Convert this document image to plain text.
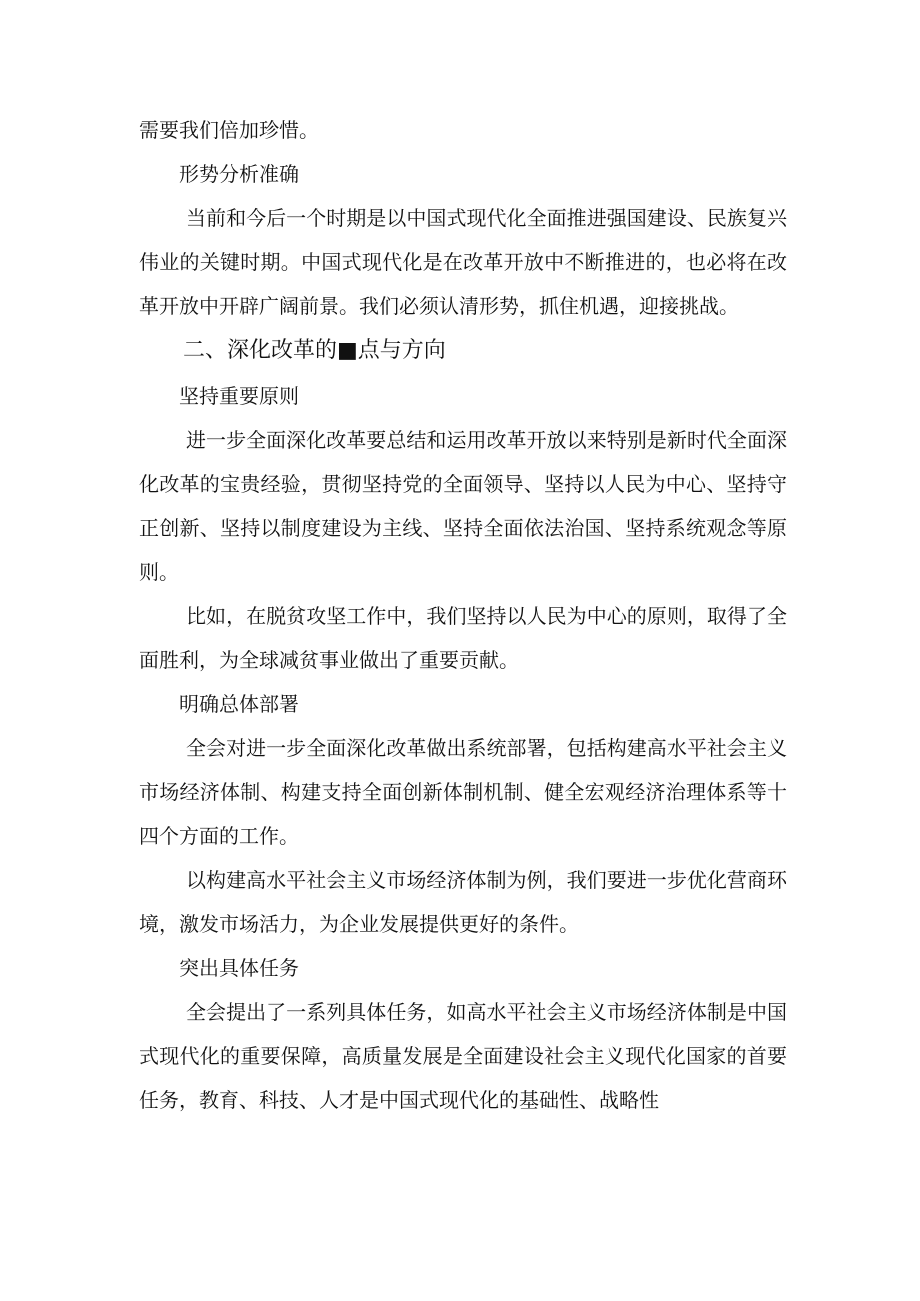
需要我们倍加珍惜。

形势分析准确

当前和今后一个时期是以中国式现代化全面推进强国建设、民族复兴伟业的关键时期。中国式现代化是在改革开放中不断推进的，也必将在改革开放中开辟广阔前景。我们必须认清形势，抓住机遇，迎接挑战。

二、深化改革的■点与方向

坚持重要原则

进一步全面深化改革要总结和运用改革开放以来特别是新时代全面深化改革的宝贵经验，贯彻坚持党的全面领导、坚持以人民为中心、坚持守正创新、坚持以制度建设为主线、坚持全面依法治国、坚持系统观念等原则。

比如，在脱贫攻坚工作中，我们坚持以人民为中心的原则，取得了全面胜利，为全球减贫事业做出了重要贡献。

明确总体部署

全会对进一步全面深化改革做出系统部署，包括构建高水平社会主义市场经济体制、构建支持全面创新体制机制、健全宏观经济治理体系等十四个方面的工作。

以构建高水平社会主义市场经济体制为例，我们要进一步优化营商环境，激发市场活力，为企业发展提供更好的条件。

突出具体任务

全会提出了一系列具体任务，如高水平社会主义市场经济体制是中国式现代化的重要保障，高质量发展是全面建设社会主义现代化国家的首要任务，教育、科技、人才是中国式现代化的基础性、战略性
